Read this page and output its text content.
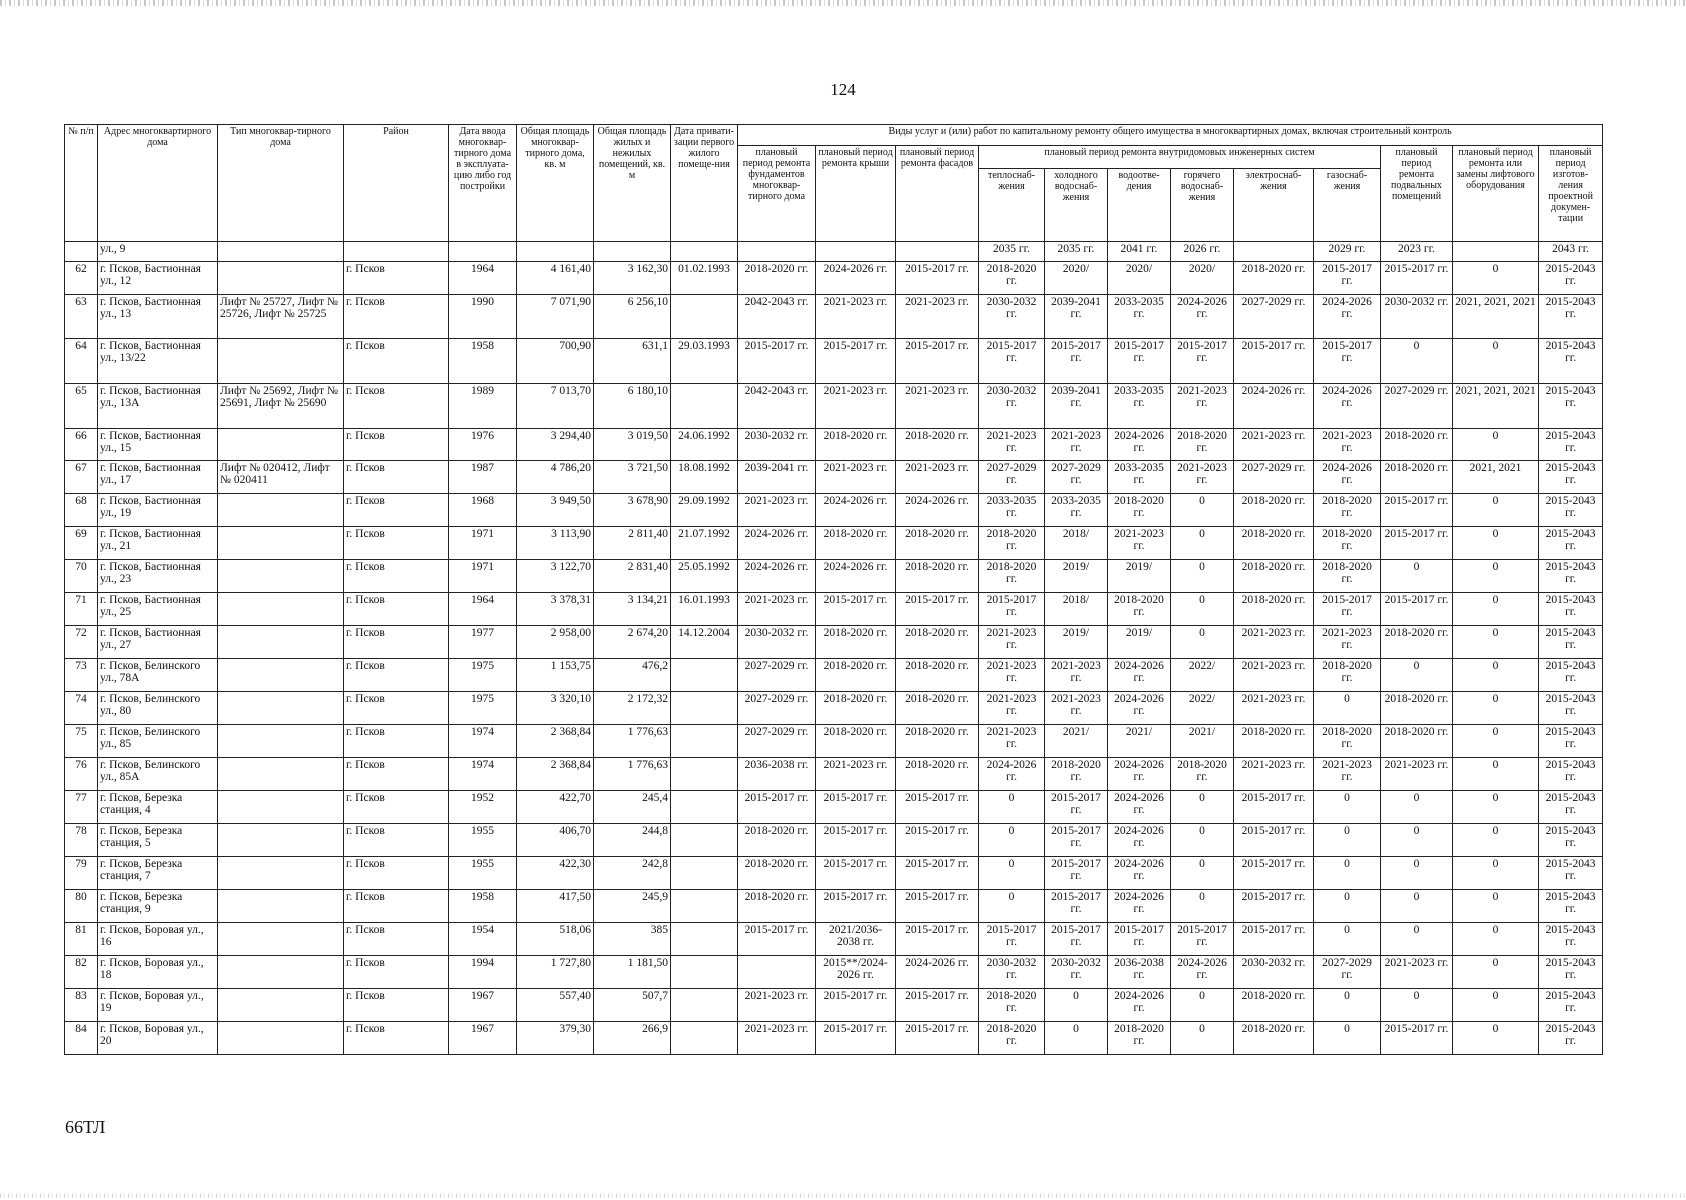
124
№ п/п	Адрес многоквартирного дома	Тип многоквар-тирного дома	Район	Дата ввода многоквар-тирного дома в эксплуата-цию либо год постройки	Общая площадь многоквар-тирного дома, кв. м	Общая площадь жилых и нежилых помещений, кв. м	Дата привати-зации первого жилого помеще-ния	Виды услуг и (или) работ по капитальному ремонту общего имущества в многоквартирных домах, включая строительный контроль											
								плановый период ремонта фундаментов многоквар-тирного дома	плановый период ремонта крыши	плановый период ремонта фасадов	плановый период ремонта внутридомовых инженерных систем						плановый период ремонта подвальных помещений	плановый период ремонта или замены лифтового оборудования	плановый период изготов-ления проектной докумен-тации
											теплоснаб-жения	холодного водоснаб-жения	водоотве-дения	горячего водоснаб-жения	электроснаб-жения	газоснаб-жения			
	ул., 9										2035 гг.	2035 гг.	2041 гг.	2026 гг.		2029 гг.	2023 гг.		2043 гг.
62	г. Псков, Бастионная ул., 12		г. Псков	1964	4 161,40	3 162,30	01.02.1993	2018-2020 гг.	2024-2026 гг.	2015-2017 гг.	2018-2020 гг.	2020/	2020/	2020/	2018-2020 гг.	2015-2017 гг.	2015-2017 гг.	0	2015-2043 гг.
63	г. Псков, Бастионная ул., 13	Лифт № 25727, Лифт № 25726, Лифт № 25725	г. Псков	1990	7 071,90	6 256,10		2042-2043 гг.	2021-2023 гг.	2021-2023 гг.	2030-2032 гг.	2039-2041 гг.	2033-2035 гг.	2024-2026 гг.	2027-2029 гг.	2024-2026 гг.	2030-2032 гг.	2021, 2021, 2021	2015-2043 гг.
64	г. Псков, Бастионная ул., 13/22		г. Псков	1958	700,90	631,1	29.03.1993	2015-2017 гг.	2015-2017 гг.	2015-2017 гг.	2015-2017 гг.	2015-2017 гг.	2015-2017 гг.	2015-2017 гг.	2015-2017 гг.	2015-2017 гг.	0	0	2015-2043 гг.
65	г. Псков, Бастионная ул., 13А	Лифт № 25692, Лифт № 25691, Лифт № 25690	г. Псков	1989	7 013,70	6 180,10		2042-2043 гг.	2021-2023 гг.	2021-2023 гг.	2030-2032 гг.	2039-2041 гг.	2033-2035 гг.	2021-2023 гг.	2024-2026 гг.	2024-2026 гг.	2027-2029 гг.	2021, 2021, 2021	2015-2043 гг.
66	г. Псков, Бастионная ул., 15		г. Псков	1976	3 294,40	3 019,50	24.06.1992	2030-2032 гг.	2018-2020 гг.	2018-2020 гг.	2021-2023 гг.	2021-2023 гг.	2024-2026 гг.	2018-2020 гг.	2021-2023 гг.	2021-2023 гг.	2018-2020 гг.	0	2015-2043 гг.
67	г. Псков, Бастионная ул., 17	Лифт № 020412, Лифт № 020411	г. Псков	1987	4 786,20	3 721,50	18.08.1992	2039-2041 гг.	2021-2023 гг.	2021-2023 гг.	2027-2029 гг.	2027-2029 гг.	2033-2035 гг.	2021-2023 гг.	2027-2029 гг.	2024-2026 гг.	2018-2020 гг.	2021, 2021	2015-2043 гг.
68	г. Псков, Бастионная ул., 19		г. Псков	1968	3 949,50	3 678,90	29.09.1992	2021-2023 гг.	2024-2026 гг.	2024-2026 гг.	2033-2035 гг.	2033-2035 гг.	2018-2020 гг.	0	2018-2020 гг.	2018-2020 гг.	2015-2017 гг.	0	2015-2043 гг.
69	г. Псков, Бастионная ул., 21		г. Псков	1971	3 113,90	2 811,40	21.07.1992	2024-2026 гг.	2018-2020 гг.	2018-2020 гг.	2018-2020 гг.	2018/	2021-2023 гг.	0	2018-2020 гг.	2018-2020 гг.	2015-2017 гг.	0	2015-2043 гг.
70	г. Псков, Бастионная ул., 23		г. Псков	1971	3 122,70	2 831,40	25.05.1992	2024-2026 гг.	2024-2026 гг.	2018-2020 гг.	2018-2020 гг.	2019/	2019/	0	2018-2020 гг.	2018-2020 гг.	0	0	2015-2043 гг.
71	г. Псков, Бастионная ул., 25		г. Псков	1964	3 378,31	3 134,21	16.01.1993	2021-2023 гг.	2015-2017 гг.	2015-2017 гг.	2015-2017 гг.	2018/	2018-2020 гг.	0	2018-2020 гг.	2015-2017 гг.	2015-2017 гг.	0	2015-2043 гг.
72	г. Псков, Бастионная ул., 27		г. Псков	1977	2 958,00	2 674,20	14.12.2004	2030-2032 гг.	2018-2020 гг.	2018-2020 гг.	2021-2023 гг.	2019/	2019/	0	2021-2023 гг.	2021-2023 гг.	2018-2020 гг.	0	2015-2043 гг.
73	г. Псков, Белинского ул., 78А		г. Псков	1975	1 153,75	476,2		2027-2029 гг.	2018-2020 гг.	2018-2020 гг.	2021-2023 гг.	2021-2023 гг.	2024-2026 гг.	2022/	2021-2023 гг.	2018-2020 гг.	0	0	2015-2043 гг.
74	г. Псков, Белинского ул., 80		г. Псков	1975	3 320,10	2 172,32		2027-2029 гг.	2018-2020 гг.	2018-2020 гг.	2021-2023 гг.	2021-2023 гг.	2024-2026 гг.	2022/	2021-2023 гг.	0	2018-2020 гг.	0	2015-2043 гг.
75	г. Псков, Белинского ул., 85		г. Псков	1974	2 368,84	1 776,63		2027-2029 гг.	2018-2020 гг.	2018-2020 гг.	2021-2023 гг.	2021/	2021/	2021/	2018-2020 гг.	2018-2020 гг.	2018-2020 гг.	0	2015-2043 гг.
76	г. Псков, Белинского ул., 85А		г. Псков	1974	2 368,84	1 776,63		2036-2038 гг.	2021-2023 гг.	2018-2020 гг.	2024-2026 гг.	2018-2020 гг.	2024-2026 гг.	2018-2020 гг.	2021-2023 гг.	2021-2023 гг.	2021-2023 гг.	0	2015-2043 гг.
77	г. Псков, Березка станция, 4		г. Псков	1952	422,70	245,4		2015-2017 гг.	2015-2017 гг.	2015-2017 гг.	0	2015-2017 гг.	2024-2026 гг.	0	2015-2017 гг.	0	0	0	2015-2043 гг.
78	г. Псков, Березка станция, 5		г. Псков	1955	406,70	244,8		2018-2020 гг.	2015-2017 гг.	2015-2017 гг.	0	2015-2017 гг.	2024-2026 гг.	0	2015-2017 гг.	0	0	0	2015-2043 гг.
79	г. Псков, Березка станция, 7		г. Псков	1955	422,30	242,8		2018-2020 гг.	2015-2017 гг.	2015-2017 гг.	0	2015-2017 гг.	2024-2026 гг.	0	2015-2017 гг.	0	0	0	2015-2043 гг.
80	г. Псков, Березка станция, 9		г. Псков	1958	417,50	245,9		2018-2020 гг.	2015-2017 гг.	2015-2017 гг.	0	2015-2017 гг.	2024-2026 гг.	0	2015-2017 гг.	0	0	0	2015-2043 гг.
81	г. Псков, Боровая ул., 16		г. Псков	1954	518,06	385		2015-2017 гг.	2021/2036-2038 гг.	2015-2017 гг.	2015-2017 гг.	2015-2017 гг.	2015-2017 гг.	2015-2017 гг.	2015-2017 гг.	0	0	0	2015-2043 гг.
82	г. Псков, Боровая ул., 18		г. Псков	1994	1 727,80	1 181,50			2015**/2024-2026 гг.	2024-2026 гг.	2030-2032 гг.	2030-2032 гг.	2036-2038 гг.	2024-2026 гг.	2030-2032 гг.	2027-2029 гг.	2021-2023 гг.	0	2015-2043 гг.
83	г. Псков, Боровая ул., 19		г. Псков	1967	557,40	507,7		2021-2023 гг.	2015-2017 гг.	2015-2017 гг.	2018-2020 гг.	0	2024-2026 гг.	0	2018-2020 гг.	0	0	0	2015-2043 гг.
84	г. Псков, Боровая ул., 20		г. Псков	1967	379,30	266,9		2021-2023 гг.	2015-2017 гг.	2015-2017 гг.	2018-2020 гг.	0	2018-2020 гг.	0	2018-2020 гг.	0	2015-2017 гг.	0	2015-2043 гг.
66ТЛ
